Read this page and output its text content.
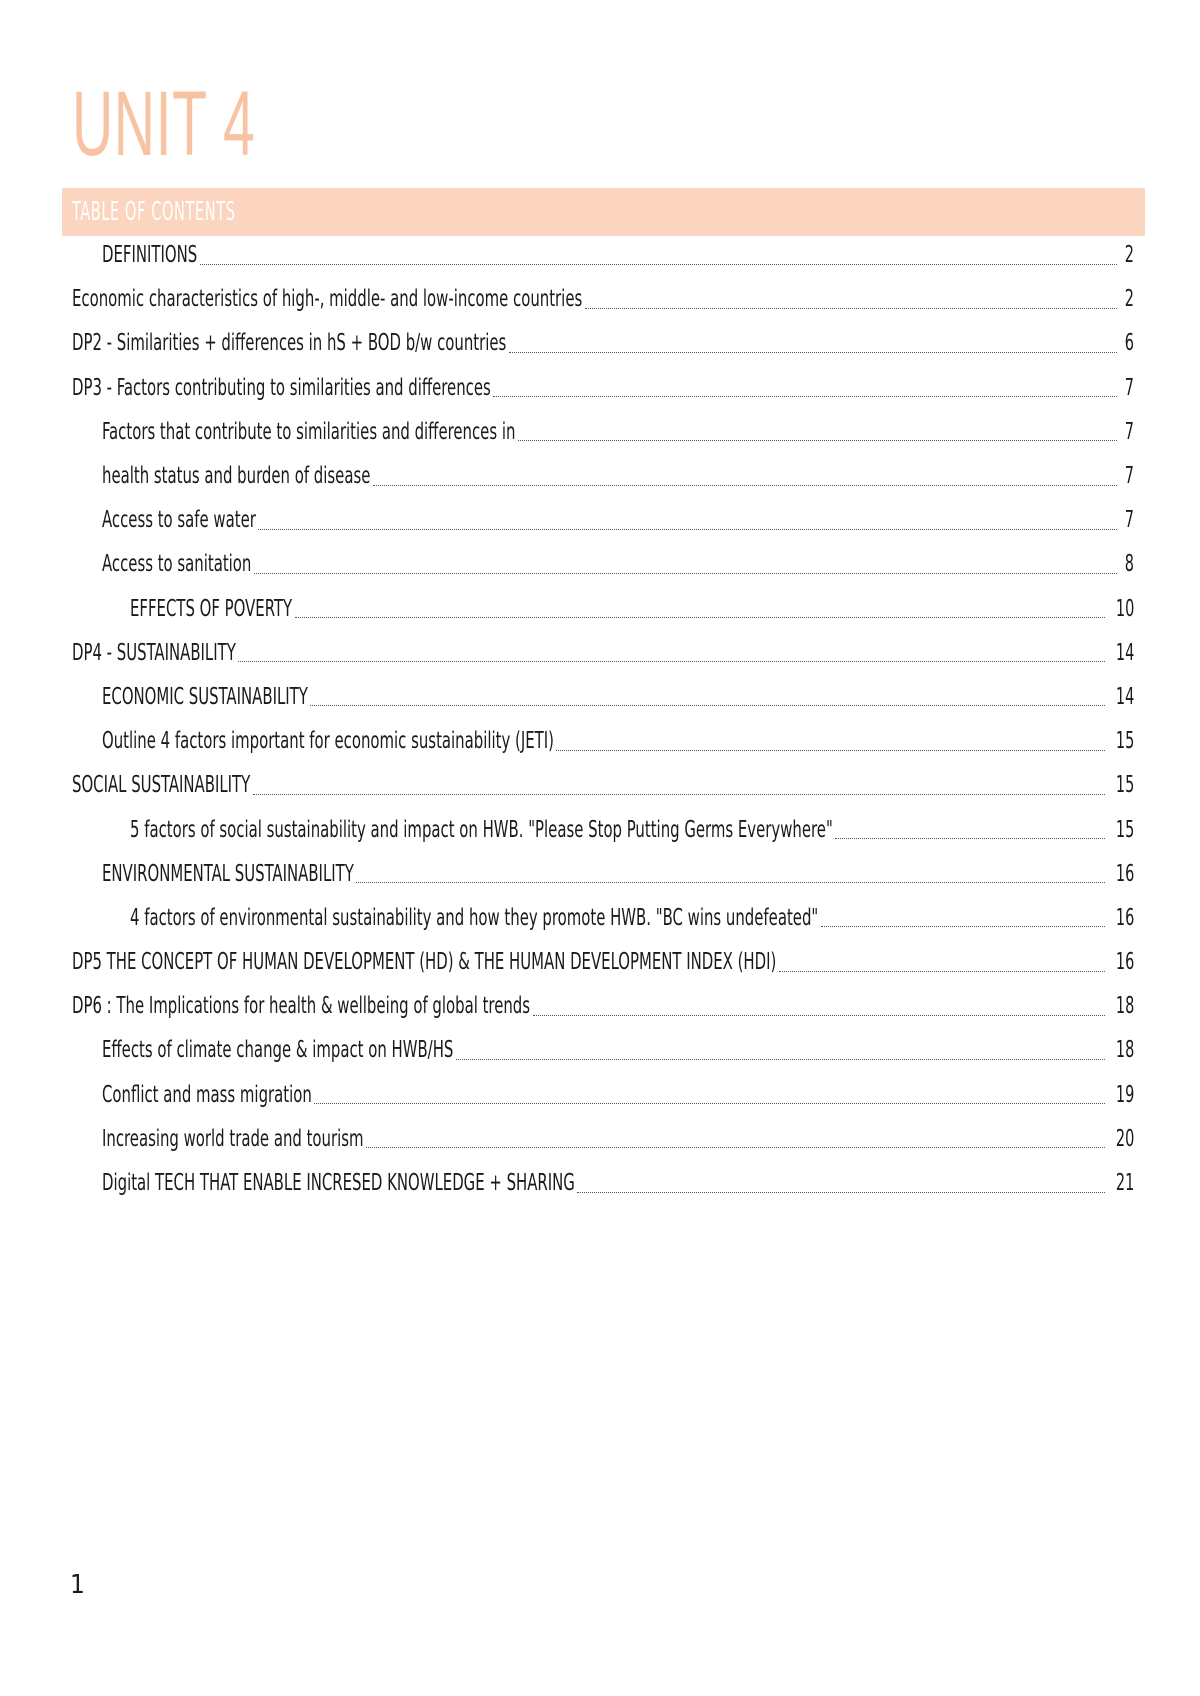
UNIT 4
TABLE OF CONTENTS
DEFINITIONS	2
Economic characteristics of high-, middle- and low-income countries	2
DP2 - Similarities + differences in hS + BOD b/w countries	6
DP3 - Factors contributing to similarities and differences	7
Factors that contribute to similarities and differences in	7
health status and burden of disease	7
Access to safe water	7
Access to sanitation	8
EFFECTS OF POVERTY	10
DP4 - SUSTAINABILITY	14
ECONOMIC SUSTAINABILITY	14
Outline 4 factors important for economic sustainability (JETI)	15
SOCIAL SUSTAINABILITY	15
5 factors of social sustainability and impact on HWB. "Please Stop Putting Germs Everywhere"	15
ENVIRONMENTAL SUSTAINABILITY	16
4 factors of environmental sustainability and how they promote HWB. "BC wins undefeated"	16
DP5 THE CONCEPT OF HUMAN DEVELOPMENT (HD) & THE HUMAN DEVELOPMENT INDEX (HDI)	16
DP6 : The Implications for health & wellbeing of global trends	18
Effects of climate change & impact on HWB/HS	18
Conflict and mass migration	19
Increasing world trade and tourism	20
Digital TECH THAT ENABLE INCRESED KNOWLEDGE + SHARING	21
1
